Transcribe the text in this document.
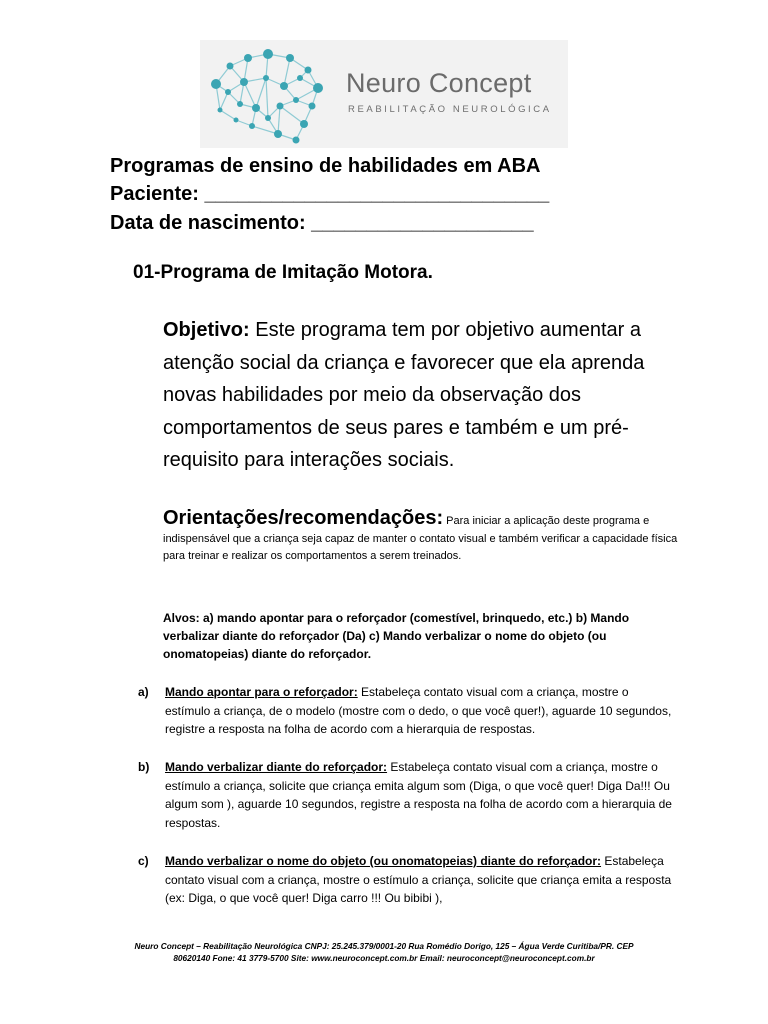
Neuro Concept
REABILITAÇÃO NEUROLÓGICA
Programas de ensino de habilidades em ABA
Paciente: _______________________________
Data de nascimento: ____________________
01-Programa de Imitação Motora.
Objetivo: Este programa tem por objetivo aumentar a atenção social da criança e favorecer que ela aprenda novas habilidades por meio da observação dos comportamentos de seus pares e também e um pré-requisito para interações sociais.
Orientações/recomendações: Para iniciar a aplicação deste programa e indispensável que a criança seja capaz de manter o contato visual e também verificar a capacidade física para treinar e realizar os comportamentos a serem treinados.
Alvos: a) mando apontar para o reforçador (comestível, brinquedo, etc.) b) Mando verbalizar diante do reforçador (Da) c) Mando verbalizar o nome do objeto (ou onomatopeias) diante do reforçador.
a) Mando apontar para o reforçador: Estabeleça contato visual com a criança, mostre o estímulo a criança, de o modelo (mostre com o dedo, o que você quer!), aguarde 10 segundos, registre a resposta na folha de acordo com a hierarquia de respostas.
b) Mando verbalizar diante do reforçador: Estabeleça contato visual com a criança, mostre o estímulo a criança, solicite que criança emita algum som (Diga, o que você quer! Diga Da!!! Ou algum som ), aguarde 10 segundos, registre a resposta na folha de acordo com a hierarquia de respostas.
c) Mando verbalizar o nome do objeto (ou onomatopeias) diante do reforçador: Estabeleça contato visual com a criança, mostre o estímulo a criança, solicite que criança emita a resposta (ex: Diga, o que você quer! Diga carro !!! Ou bibibi ),
Neuro Concept – Reabilitação Neurológica CNPJ: 25.245.379/0001-20 Rua Romédio Dorigo, 125 – Água Verde Curitiba/PR. CEP
80620140 Fone: 41 3779-5700 Site: www.neuroconcept.com.br Email: neuroconcept@neuroconcept.com.br
